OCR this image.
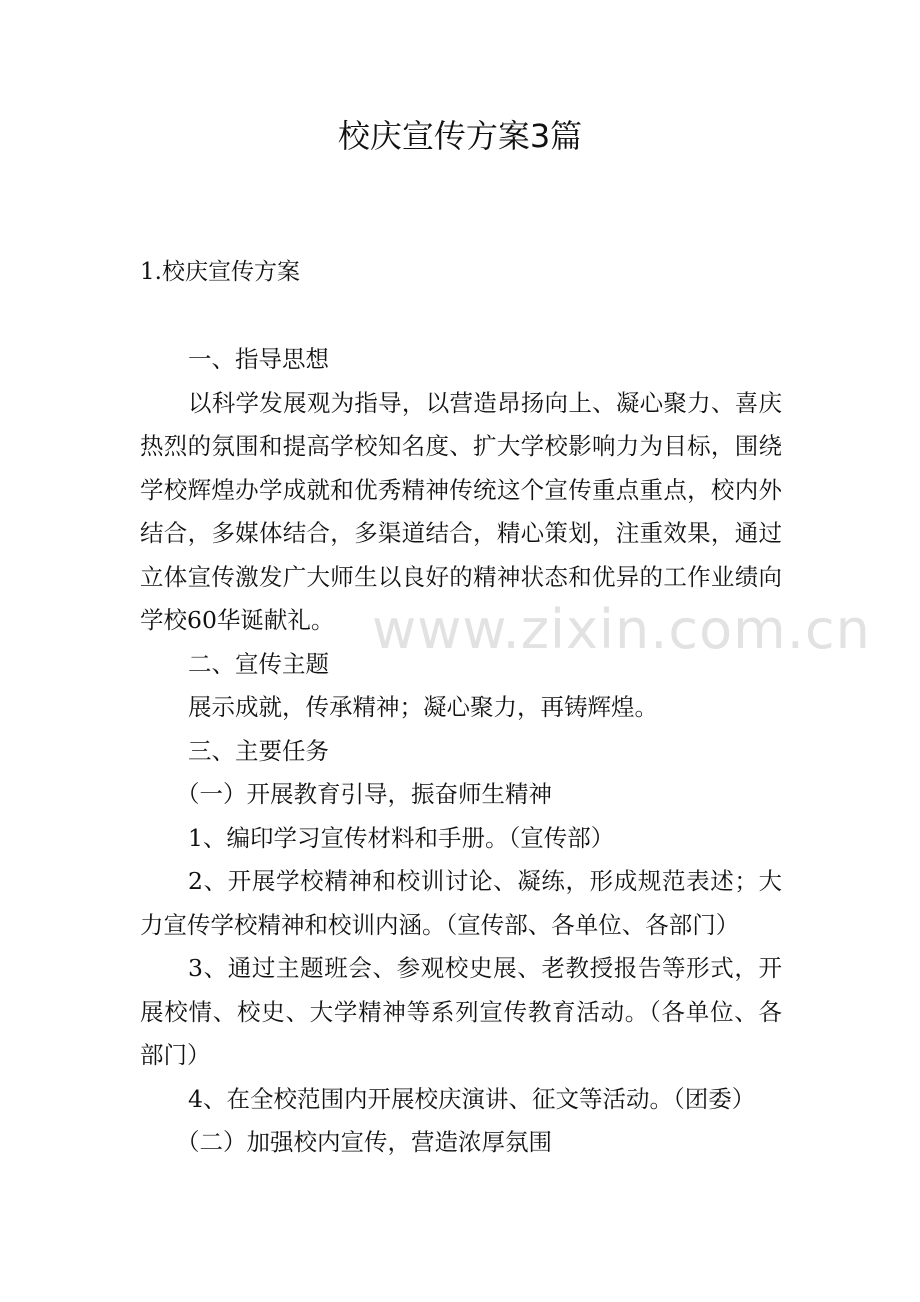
校庆宣传方案3篇

1.校庆宣传方案

一、指导思想

以科学发展观为指导，以营造昂扬向上、凝心聚力、喜庆热烈的氛围和提高学校知名度、扩大学校影响力为目标，围绕学校辉煌办学成就和优秀精神传统这个宣传重点重点，校内外结合，多媒体结合，多渠道结合，精心策划，注重效果，通过立体宣传激发广大师生以良好的精神状态和优异的工作业绩向学校60华诞献礼。

二、宣传主题

展示成就，传承精神；凝心聚力，再铸辉煌。

三、主要任务

（一）开展教育引导，振奋师生精神

1、编印学习宣传材料和手册。（宣传部）

2、开展学校精神和校训讨论、凝练，形成规范表述；大力宣传学校精神和校训内涵。（宣传部、各单位、各部门）

3、通过主题班会、参观校史展、老教授报告等形式，开展校情、校史、大学精神等系列宣传教育活动。（各单位、各部门）

4、在全校范围内开展校庆演讲、征文等活动。（团委）

（二）加强校内宣传，营造浓厚氛围

www.zixin.com.cn
